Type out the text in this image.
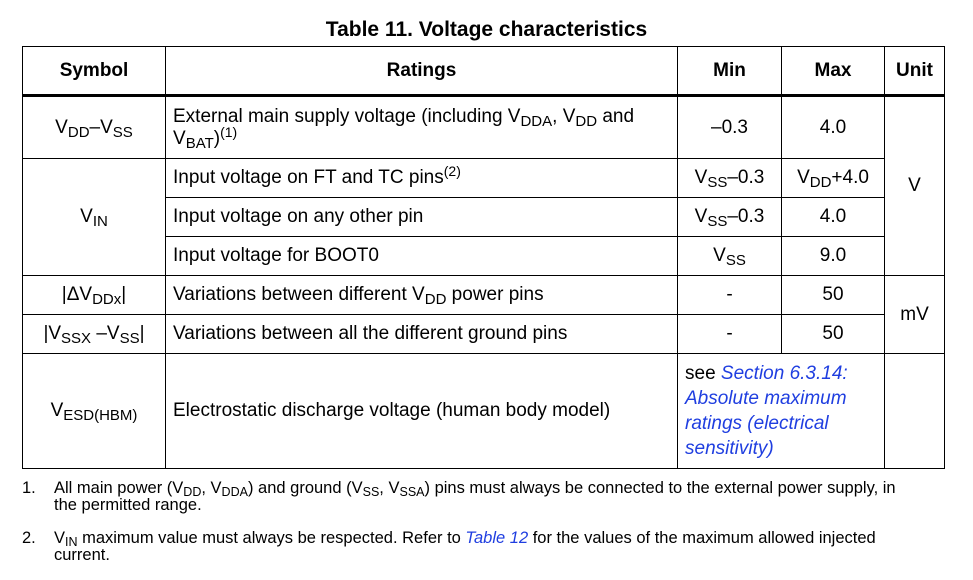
Table 11. Voltage characteristics
Symbol	Ratings	Min	Max	Unit
$V_{DD}-V_{SS}$	External main supply voltage (including $V_{DDA}$, $V_{DD}$ and $V_{BAT})^{(1)}$	–0.3	4.0	V
$V_{IN}$	Input voltage on FT and TC pins$^{(2)}$	$V_{SS}-0.3$	$V_{DD}+4.0$	
	Input voltage on any other pin	$V_{SS}-0.3$	4.0	
	Input voltage for BOOT0	$V_{SS}$	9.0	
$|\Delta V_{DDx}|$	Variations between different $V_{DD}$ power pins	-	50	mV
$|V_{SSX}$ $-V_{SS}|$	Variations between all the different ground pins	-	50	
$V_{ESD(HBM)}$	Electrostatic discharge voltage (human body model)	see Section 6.3.14: Absolute maximum ratings (electrical sensitivity)		
1.	All main power ($V_{DD}$, $V_{DDA}$) and ground ($V_{SS}$, $V_{SSA}$) pins must always be connected to the external power supply, in the permitted range.
2.	$V_{IN}$ maximum value must always be respected. Refer to Table 12 for the values of the maximum allowed injected current.
